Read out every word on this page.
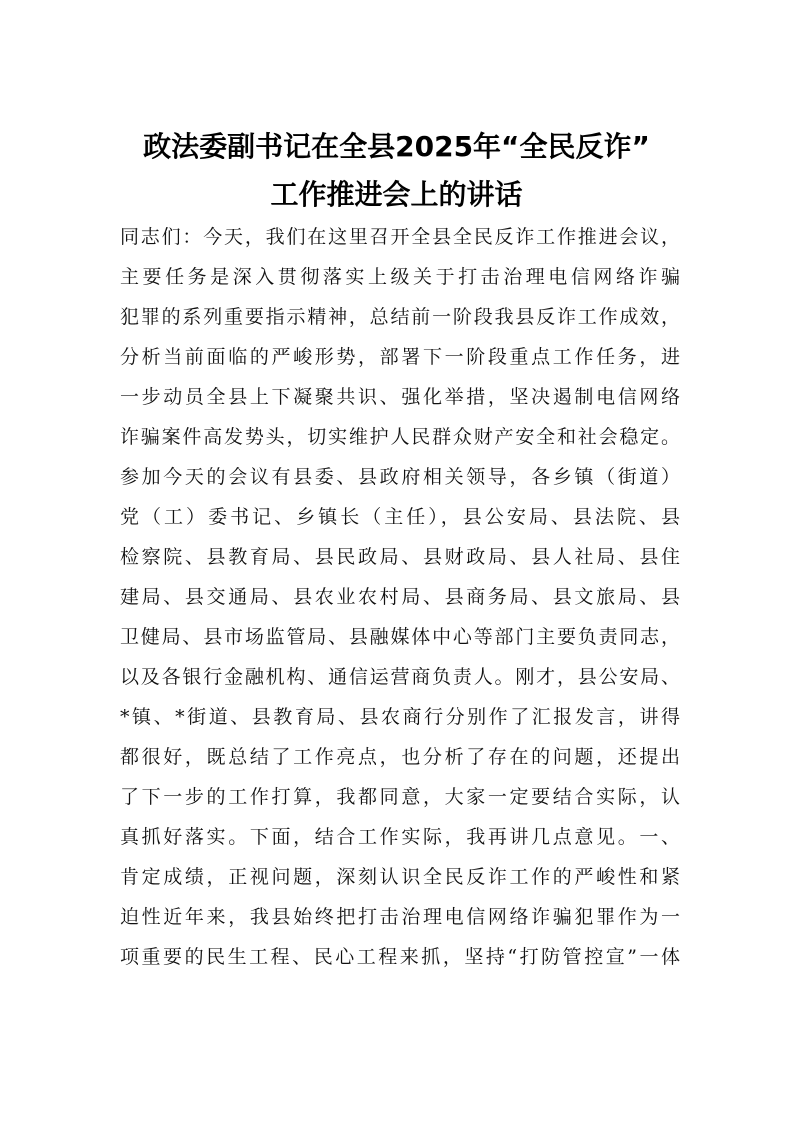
政法委副书记在全县2025年“全民反诈”
工作推进会上的讲话
同志们：今天，我们在这里召开全县全民反诈工作推进会议，
主要任务是深入贯彻落实上级关于打击治理电信网络诈骗
犯罪的系列重要指示精神，总结前一阶段我县反诈工作成效，
分析当前面临的严峻形势，部署下一阶段重点工作任务，进
一步动员全县上下凝聚共识、强化举措，坚决遏制电信网络
诈骗案件高发势头，切实维护人民群众财产安全和社会稳定。
参加今天的会议有县委、县政府相关领导，各乡镇（街道）
党（工）委书记、乡镇长（主任），县公安局、县法院、县
检察院、县教育局、县民政局、县财政局、县人社局、县住
建局、县交通局、县农业农村局、县商务局、县文旅局、县
卫健局、县市场监管局、县融媒体中心等部门主要负责同志，
以及各银行金融机构、通信运营商负责人。刚才，县公安局、
*镇、*街道、县教育局、县农商行分别作了汇报发言，讲得
都很好，既总结了工作亮点，也分析了存在的问题，还提出
了下一步的工作打算，我都同意，大家一定要结合实际，认
真抓好落实。下面，结合工作实际，我再讲几点意见。一、
肯定成绩，正视问题，深刻认识全民反诈工作的严峻性和紧
迫性近年来，我县始终把打击治理电信网络诈骗犯罪作为一
项重要的民生工程、民心工程来抓，坚持“打防管控宣”一体
